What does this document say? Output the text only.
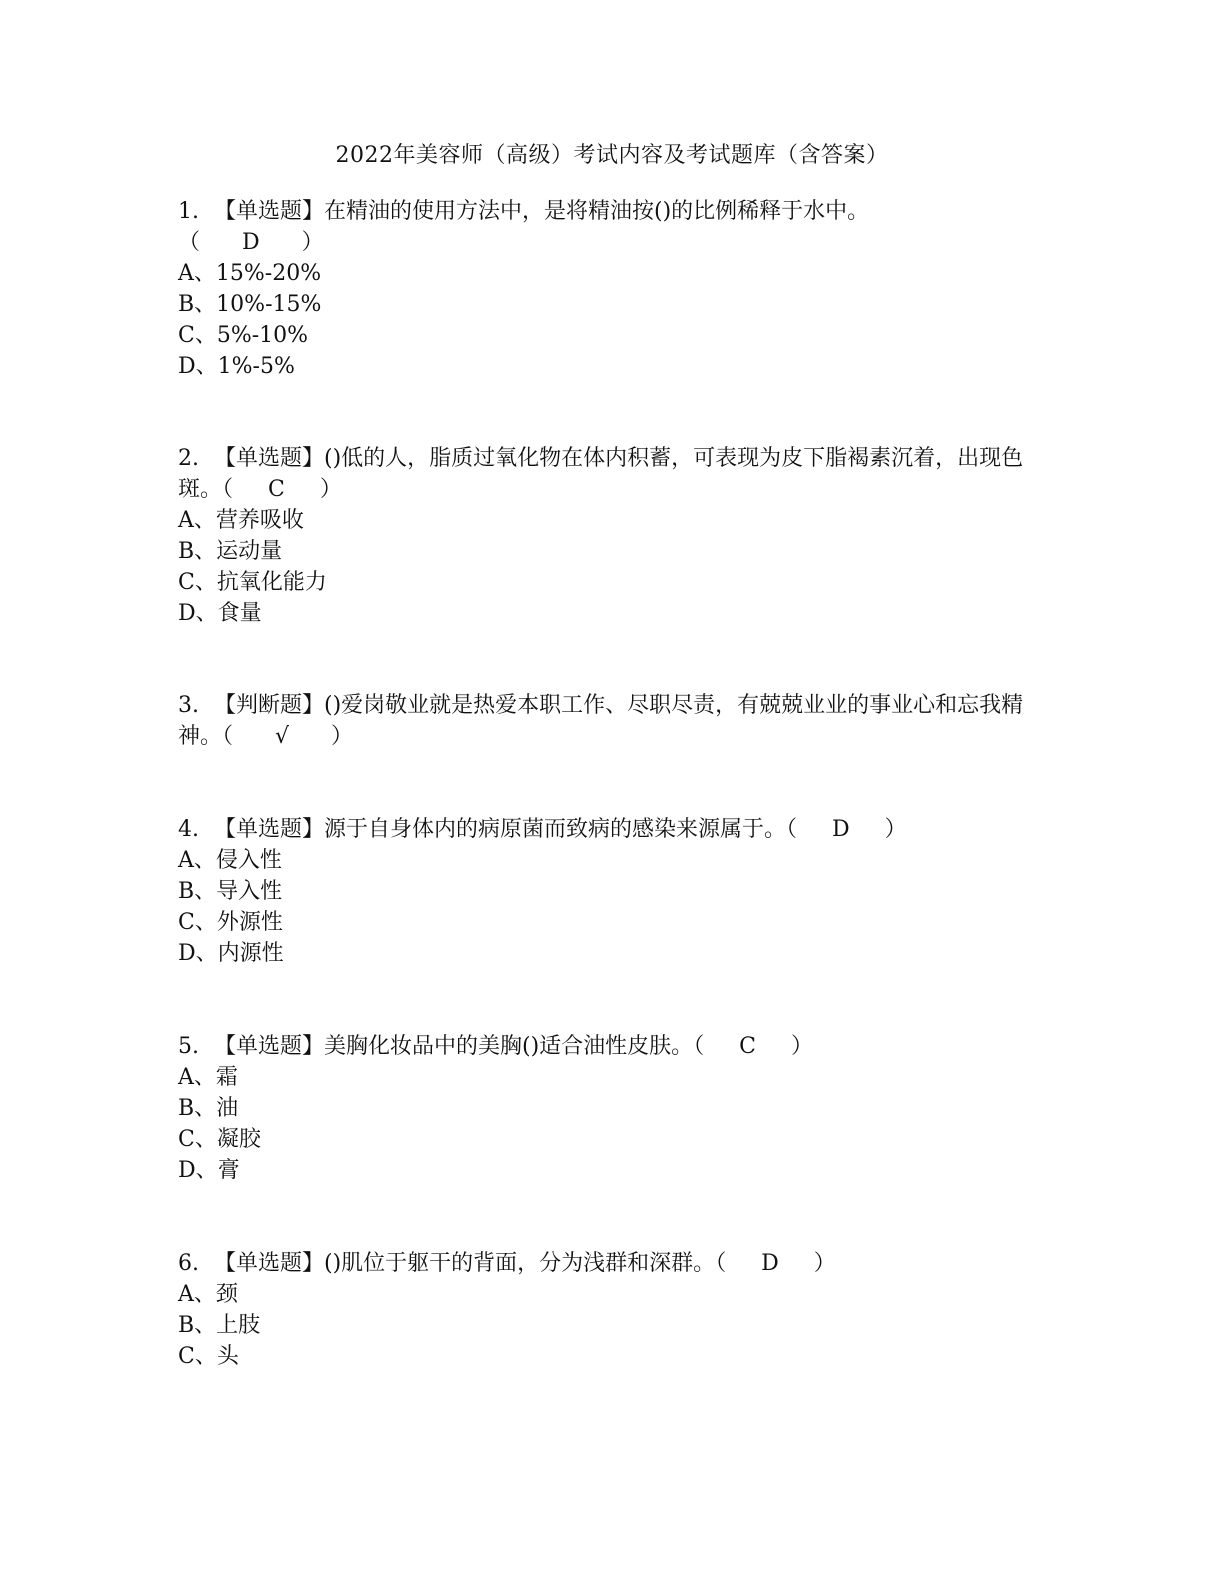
2022年美容师（高级）考试内容及考试题库（含答案）

1. 【单选题】在精油的使用方法中，是将精油按()的比例稀释于水中。

（ D ）

A、15%-20%

B、10%-15%

C、5%-10%

D、1%-5%

2. 【单选题】()低的人，脂质过氧化物在体内积蓄，可表现为皮下脂褐素沉着，出现色斑。（ C ）

A、营养吸收

B、运动量

C、抗氧化能力

D、食量

3. 【判断题】()爱岗敬业就是热爱本职工作、尽职尽责，有兢兢业业的事业心和忘我精神。（ √ ）

4. 【单选题】源于自身体内的病原菌而致病的感染来源属于。（ D ）

A、侵入性

B、导入性

C、外源性

D、内源性

5. 【单选题】美胸化妆品中的美胸()适合油性皮肤。（ C ）

A、霜

B、油

C、凝胶

D、膏

6. 【单选题】()肌位于躯干的背面，分为浅群和深群。（ D ）

A、颈

B、上肢

C、头
